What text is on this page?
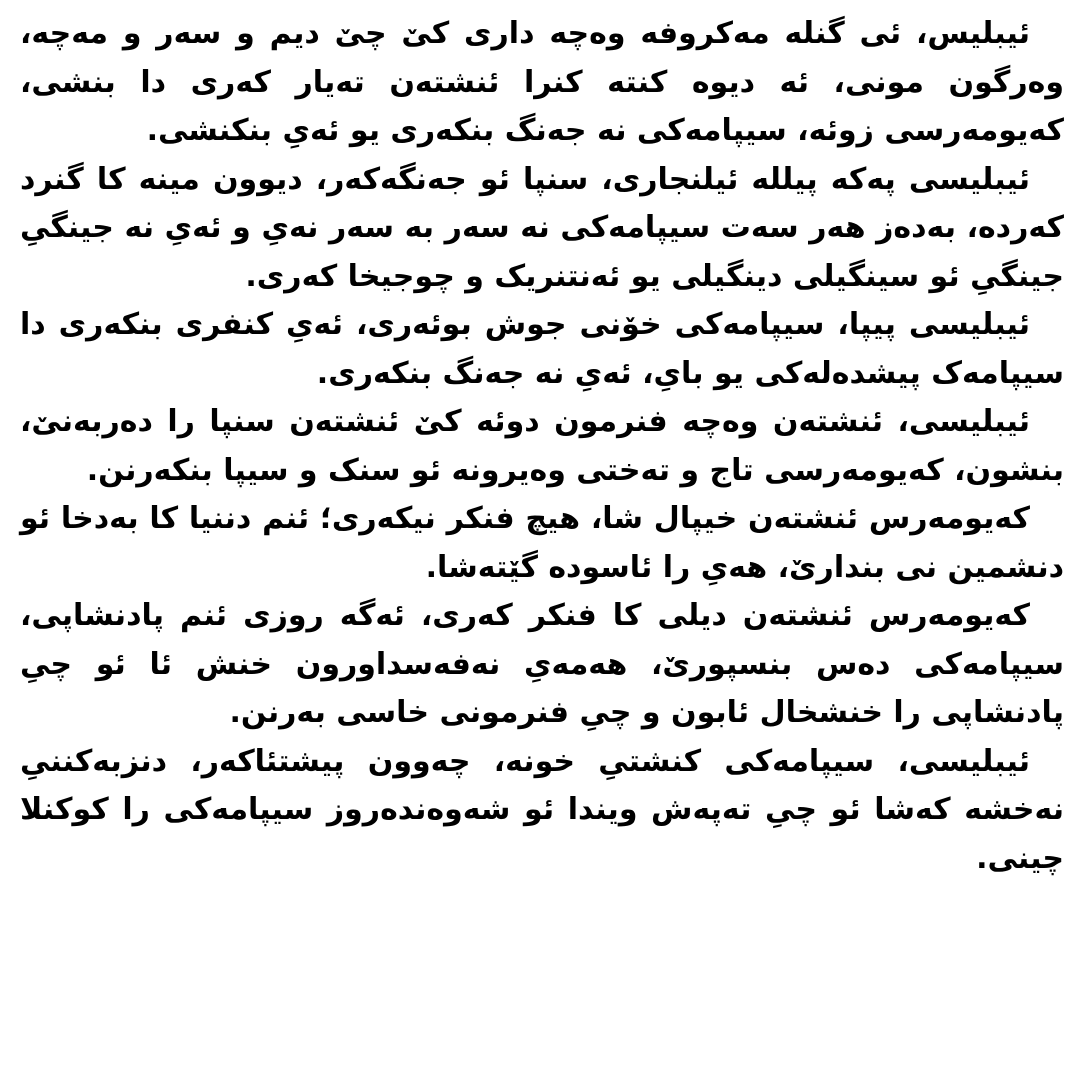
ئیبلیس، ئی گنله مەکروفه وەچه داری کێ چێ دیم و سەر و مەچه، وەرگون مونی، ئه دیوە کنته کنرا ئنشتەن تەیار کەری دا بنشی، کەیومەرسی زوئه، سیپامەکی نه جەنگ بنکەری یو ئەیِ بنکنشی.

ئیبلیسی پەکه پیلله ئیلنجاری، سنپا ئو جەنگەکەر، دیوون مینه کا گنرد کەردە، بەدەز هەر سەت سیپامەکی نه سەر به سەر نەیِ و ئەیِ نه جینگیِ جینگیِ ئو سینگیلی دینگیلی یو ئەنتنریک و چوجیخا کەری.

ئیبلیسی پیپا، سیپامەکی خۆنی جوش بوئەری، ئەیِ کنفری بنکەری دا سیپامەک پیشدەلەکی یو بایِ، ئەیِ نه جەنگ بنکەری.

ئیبلیسی، ئنشتەن وەچه فنرمون دوئه کێ ئنشتەن سنپا را دەربەنێ، بنشون، کەیومەرسی تاج و تەختی وەیرونه ئو سنک و سیپا بنکەرنن.

کەیومەرس ئنشتەن خیپال شا، هیچ فنکر نیکەری؛ ئنم دننیا کا بەدخا ئو دنشمین نی بندارێ، هەیِ را ئاسودە گێتەشا.

کەیومەرس ئنشتەن دیلی کا فنکر کەری، ئەگه روزی ئنم پادنشاپی، سیپامەکی دەس بنسپورێ، هەمەیِ نەفەسداورون خنش ئا ئو چیِ پادنشاپی را خنشخال ئابون و چیِ فنرمونی خاسی بەرنن.

ئیبلیسی، سیپامەکی کنشتیِ خونه، چەوون پیشتئاکەر، دنزبەکننیِ نەخشه کەشا ئو چیِ تەپەش ویندا ئو شەوەندەروز سیپامەکی را کوکنلا چینی.
